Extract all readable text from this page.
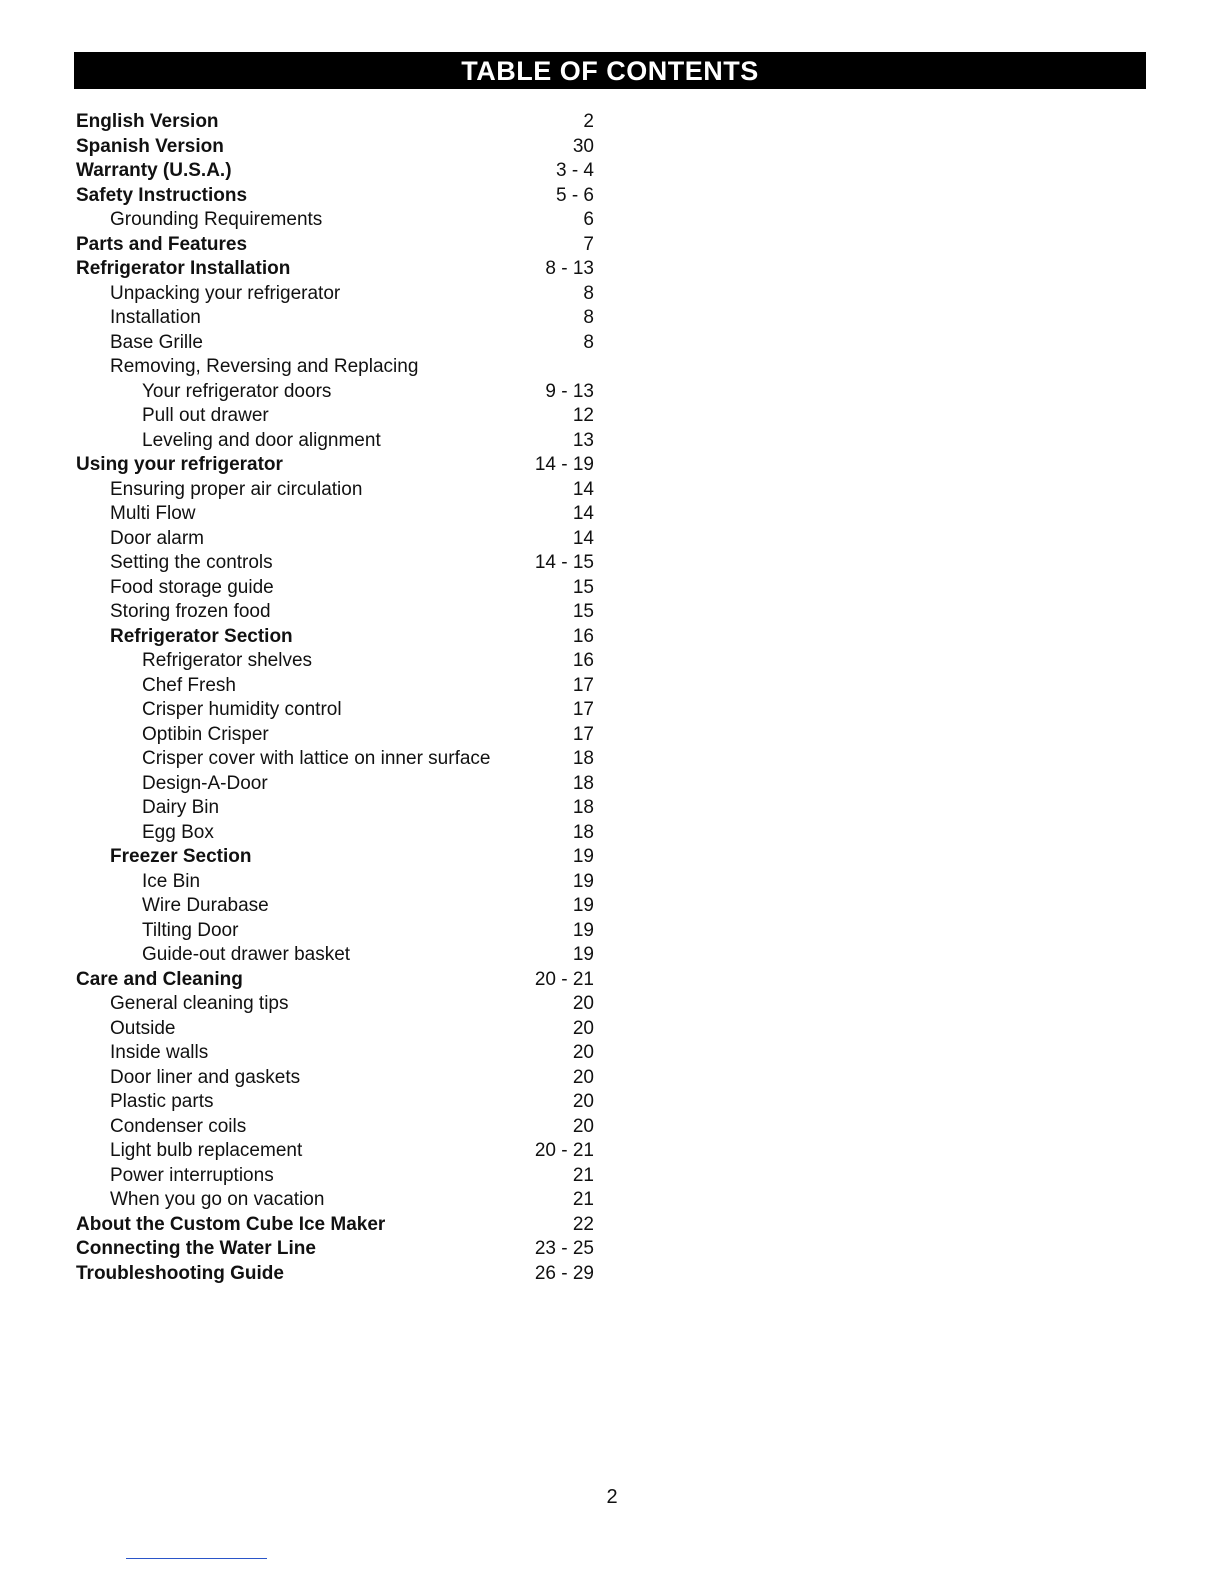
TABLE OF CONTENTS
English Version	2
Spanish Version	30
Warranty (U.S.A.)	3 - 4
Safety Instructions	5 - 6
Grounding Requirements	6
Parts and Features	7
Refrigerator Installation	8 - 13
Unpacking your refrigerator	8
Installation	8
Base Grille	8
Removing, Reversing and Replacing
Your refrigerator doors	9 - 13
Pull out drawer	12
Leveling and door alignment	13
Using your refrigerator	14 - 19
Ensuring proper air circulation	14
Multi Flow	14
Door alarm	14
Setting the controls	14 - 15
Food storage guide	15
Storing frozen food	15
Refrigerator Section	16
Refrigerator shelves	16
Chef Fresh	17
Crisper humidity control	17
Optibin Crisper	17
Crisper cover with lattice on inner surface	18
Design-A-Door	18
Dairy Bin	18
Egg Box	18
Freezer Section	19
Ice Bin	19
Wire Durabase	19
Tilting Door	19
Guide-out drawer basket	19
Care and Cleaning	20 - 21
General cleaning tips	20
Outside	20
Inside walls	20
Door liner and gaskets	20
Plastic parts	20
Condenser coils	20
Light bulb replacement	20 - 21
Power interruptions	21
When you go on vacation	21
About the Custom Cube Ice Maker	22
Connecting the Water Line	23 - 25
Troubleshooting Guide	26 - 29
2
